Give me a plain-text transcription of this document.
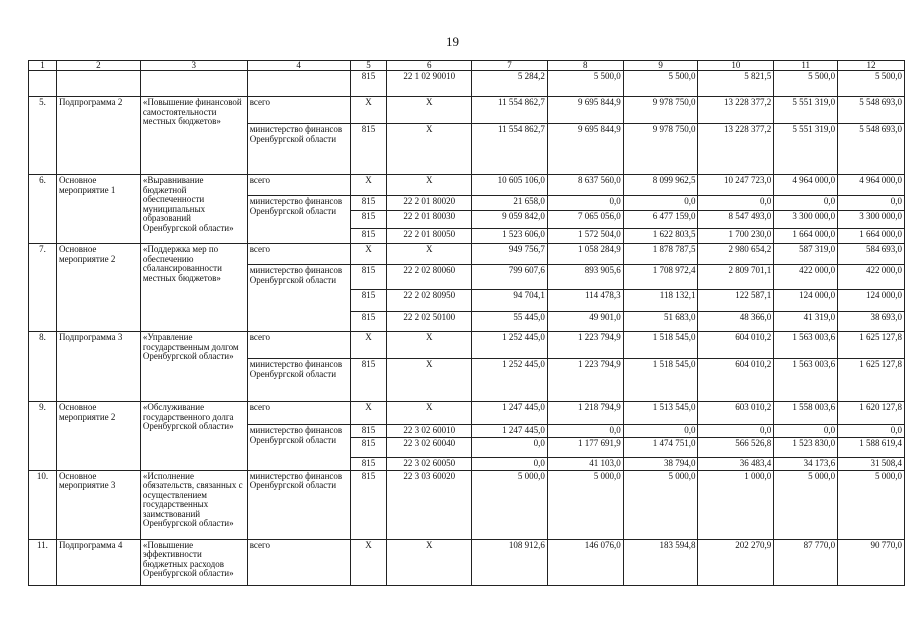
19
1	2	3	4	5	6	7	8	9	10	11	12
				815	22 1 02 90010	5 284,2	5 500,0	5 500,0	5 821,5	5 500,0	5 500,0
5.	Подпрограмма 2	«Повышение финансовой самостоятельности местных бюджетов»	всего	Х	Х	11 554 862,7	9 695 844,9	9 978 750,0	13 228 377,2	5 551 319,0	5 548 693,0
			министерство финансов Оренбургской области	815	Х	11 554 862,7	9 695 844,9	9 978 750,0	13 228 377,2	5 551 319,0	5 548 693,0
6.	Основное мероприятие 1	«Выравнивание бюджетной обеспеченности муниципальных образований Оренбургской области»	всего	Х	Х	10 605 106,0	8 637 560,0	8 099 962,5	10 247 723,0	4 964 000,0	4 964 000,0
			министерство финансов Оренбургской области	815	22 2 01 80020	21 658,0	0,0	0,0	0,0	0,0	0,0
				815	22 2 01 80030	9 059 842,0	7 065 056,0	6 477 159,0	8 547 493,0	3 300 000,0	3 300 000,0
				815	22 2 01 80050	1 523 606,0	1 572 504,0	1 622 803,5	1 700 230,0	1 664 000,0	1 664 000,0
7.	Основное мероприятие 2	«Поддержка мер по обеспечению сбалансированности местных бюджетов»	всего	Х	Х	949 756,7	1 058 284,9	1 878 787,5	2 980 654,2	587 319,0	584 693,0
			министерство финансов Оренбургской области	815	22 2 02 80060	799 607,6	893 905,6	1 708 972,4	2 809 701,1	422 000,0	422 000,0
				815	22 2 02 80950	94 704,1	114 478,3	118 132,1	122 587,1	124 000,0	124 000,0
				815	22 2 02 50100	55 445,0	49 901,0	51 683,0	48 366,0	41 319,0	38 693,0
8.	Подпрограмма 3	«Управление государственным долгом Оренбургской области»	всего	Х	Х	1 252 445,0	1 223 794,9	1 518 545,0	604 010,2	1 563 003,6	1 625 127,8
			министерство финансов Оренбургской области	815	Х	1 252 445,0	1 223 794,9	1 518 545,0	604 010,2	1 563 003,6	1 625 127,8
9.	Основное мероприятие 2	«Обслуживание государственного долга Оренбургской области»	всего	Х	Х	1 247 445,0	1 218 794,9	1 513 545,0	603 010,2	1 558 003,6	1 620 127,8
			министерство финансов Оренбургской области	815	22 3 02 60010	1 247 445,0	0,0	0,0	0,0	0,0	0,0
				815	22 3 02 60040	0,0	1 177 691,9	1 474 751,0	566 526,8	1 523 830,0	1 588 619,4
				815	22 3 02 60050	0,0	41 103,0	38 794,0	36 483,4	34 173,6	31 508,4
10.	Основное мероприятие 3	«Исполнение обязательств, связанных с осуществлением государственных заимствований Оренбургской области»	министерство финансов Оренбургской области	815	22 3 03 60020	5 000,0	5 000,0	5 000,0	1 000,0	5 000,0	5 000,0
11.	Подпрограмма 4	«Повышение эффективности бюджетных расходов Оренбургской области»	всего	Х	Х	108 912,6	146 076,0	183 594,8	202 270,9	87 770,0	90 770,0
